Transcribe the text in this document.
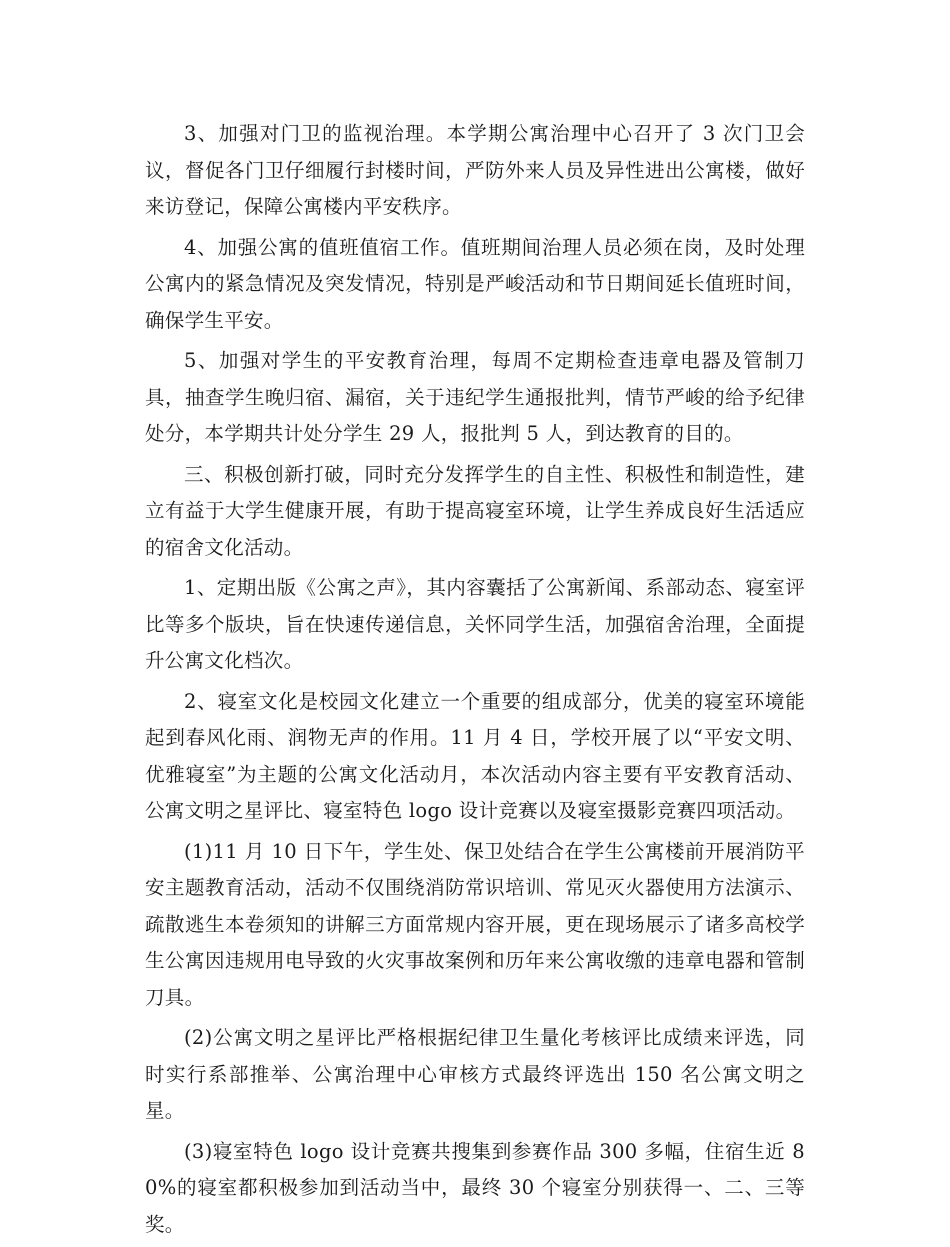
3、加强对门卫的监视治理。本学期公寓治理中心召开了 3 次门卫会议，督促各门卫仔细履行封楼时间，严防外来人员及异性进出公寓楼，做好来访登记，保障公寓楼内平安秩序。

4、加强公寓的值班值宿工作。值班期间治理人员必须在岗，及时处理公寓内的紧急情况及突发情况，特别是严峻活动和节日期间延长值班时间，确保学生平安。

5、加强对学生的平安教育治理，每周不定期检查违章电器及管制刀具，抽查学生晚归宿、漏宿，关于违纪学生通报批判，情节严峻的给予纪律处分，本学期共计处分学生 29 人，报批判 5 人，到达教育的目的。

三、积极创新打破，同时充分发挥学生的自主性、积极性和制造性，建立有益于大学生健康开展，有助于提高寝室环境，让学生养成良好生活适应的宿舍文化活动。

1、定期出版《公寓之声》，其内容囊括了公寓新闻、系部动态、寝室评比等多个版块，旨在快速传递信息，关怀同学生活，加强宿舍治理，全面提升公寓文化档次。

2、寝室文化是校园文化建立一个重要的组成部分，优美的寝室环境能起到春风化雨、润物无声的作用。11 月 4 日，学校开展了以“平安文明、优雅寝室”为主题的公寓文化活动月，本次活动内容主要有平安教育活动、公寓文明之星评比、寝室特色 logo 设计竞赛以及寝室摄影竞赛四项活动。

(1)11 月 10 日下午，学生处、保卫处结合在学生公寓楼前开展消防平安主题教育活动，活动不仅围绕消防常识培训、常见灭火器使用方法演示、疏散逃生本卷须知的讲解三方面常规内容开展，更在现场展示了诸多高校学生公寓因违规用电导致的火灾事故案例和历年来公寓收缴的违章电器和管制刀具。

(2)公寓文明之星评比严格根据纪律卫生量化考核评比成绩来评选，同时实行系部推举、公寓治理中心审核方式最终评选出 150 名公寓文明之星。

(3)寝室特色 logo 设计竞赛共搜集到参赛作品 300 多幅，住宿生近 80%的寝室都积极参加到活动当中，最终 30 个寝室分别获得一、二、三等奖。
